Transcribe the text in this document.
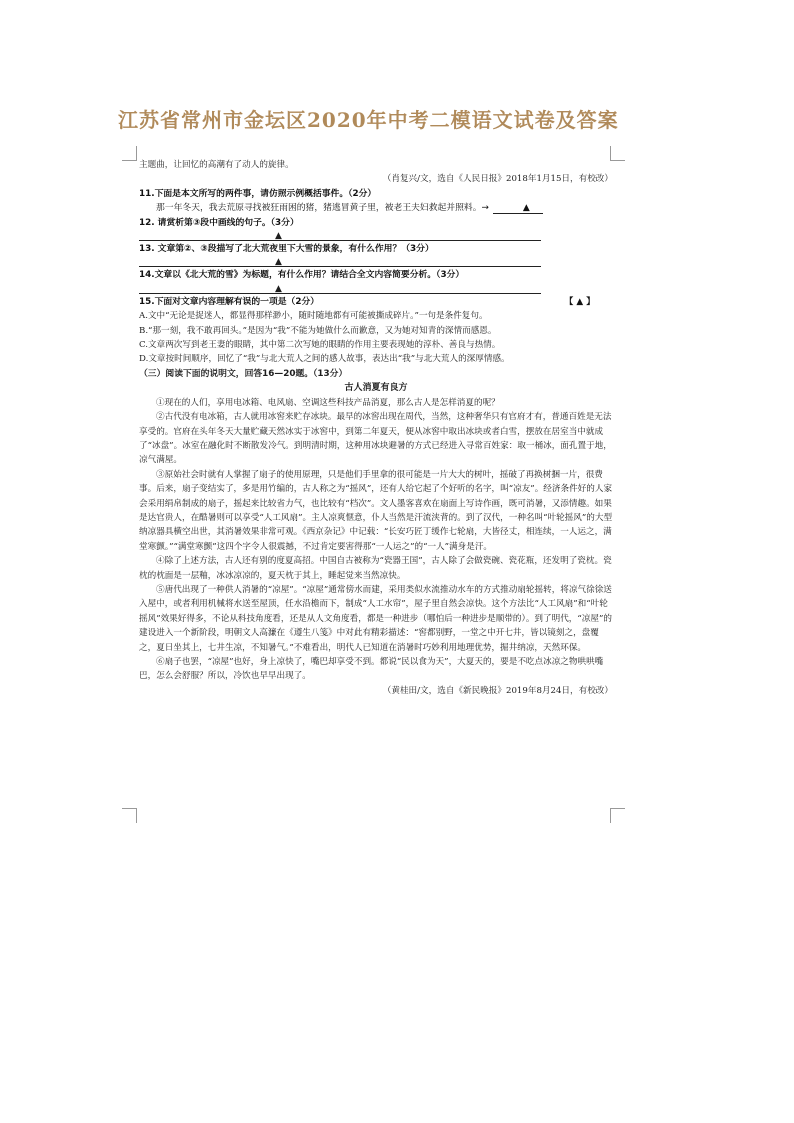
江苏省常州市金坛区2020年中考二模语文试卷及答案

主题曲，让回忆的高潮有了动人的旋律。

（肖复兴/文，选自《人民日报》2018年1月15日，有校改）

11.下面是本文所写的两件事，请仿照示例概括事件。（2分）

那一年冬天，我去荒原寻找被狂雨困的猪，猪逃冒黄子里，被老王夫妇救起并照料。→	▲

12. 请赏析第③段中画线的句子。（3分）

▲

13. 文章第②、③段描写了北大荒夜里下大雪的景象，有什么作用？（3分）

▲

14.文章以《北大荒的雪》为标题，有什么作用？请结合全文内容简要分析。（3分）

▲

15.下面对文章内容理解有误的一项是（2分）	【 ▲ 】

A.文中“无论是捉迷人，都显得那样渺小，随时随地都有可能被撕成碎片。”一句是条件复句。

B.“那一刻，我不敢再回头。”是因为“我”不能为她做什么而歉意，又为她对知青的深情而感恩。

C.文章两次写到老王妻的眼睛，其中第二次写她的眼睛的作用主要表现她的淳朴、善良与热情。

D.文章按时间顺序，回忆了“我”与北大荒人之间的感人故事，表达出“我”与北大荒人的深厚情感。

（三）阅读下面的说明文，回答16—20题。（13分）

古人消夏有良方

①现在的人们，享用电冰箱、电风扇、空调这些科技产品消夏，那么古人是怎样消夏的呢？

②古代没有电冰箱，古人就用冰窖来贮存冰块。最早的冰窖出现在周代，当然，这种奢华只有官府才有，普通百姓是无法享受的。官府在头年冬天大量贮藏天然冰实于冰窖中，到第二年夏天，便从冰窖中取出冰块或者白雪，摆放在居室当中就成了“冰盘”。冰室在融化时不断散发冷气。到明清时期，这种用冰块避暑的方式已经进入寻常百姓家：取一桶冰，面孔置于地，凉气满屋。

③原始社会时就有人掌握了扇子的使用原理，只是他们手里拿的很可能是一片大大的树叶，摇破了再换树捆一片，很费事。后来，扇子变结实了，多是用竹编的，古人称之为“摇风”，还有人给它起了个好听的名字，叫“凉友”。经济条件好的人家会采用绢帛制成的扇子，摇起来比较省力气，也比较有“档次”。文人墨客喜欢在扇面上写诗作画，既可消暑，又添情趣。如果是达官贵人，在酷暑则可以享受“人工风扇”。主人凉爽惬意，仆人当然是汗流浃背的。到了汉代，一种名叫“叶轮摇风”的大型纳凉器具横空出世，其消暑效果非常可观。《西京杂记》中记载：“长安巧匠丁缓作七轮扇，大皆径丈，相连续，一人运之，满堂寒颤。”“满堂寒颤”这四个字令人很震撼，不过肯定要害得那“一人运之”的“一人”满身是汗。

④除了上述方法，古人还有别的度夏高招。中国自古被称为“瓷器王国”，古人除了会做瓷碗、瓷花瓶，还发明了瓷枕。瓷枕的枕面是一层釉，冰冰凉凉的，夏天枕于其上，睡起觉来当然凉快。

⑤唐代出现了一种供人消暑的“凉屋”。“凉屋”通常傍水而建，采用类似水流推动水车的方式推动扇轮摇转，将凉气徐徐送入屋中，或者利用机械将水送至屋顶，任水沿檐而下，制成“人工水帘”，屋子里自然会凉快。这个方法比“人工风扇”和“叶轮摇风”效果好得多，不论从科技角度看，还是从人文角度看，都是一种进步（哪怕后一种进步是顺带的）。到了明代，“凉屋”的建设进入一个新阶段，明朝文人高濂在《遵生八笺》中对此有精彩描述：“窖都别野，一堂之中开七井，皆以镜刻之，盘覆之，夏日坐其上，七井生凉，不知暑气。”不难看出，明代人已知道在消暑时巧妙利用地理优势，掘井纳凉，天然环保。

⑥扇子也罢，“凉屋”也好，身上凉快了，嘴巴却享受不到。都说“民以食为天”，大夏天的，要是不吃点冰凉之物哄哄嘴巴，怎么会舒服？所以，冷饮也早早出现了。

（黄桂田/文，选自《新民晚报》2019年8月24日，有校改）
